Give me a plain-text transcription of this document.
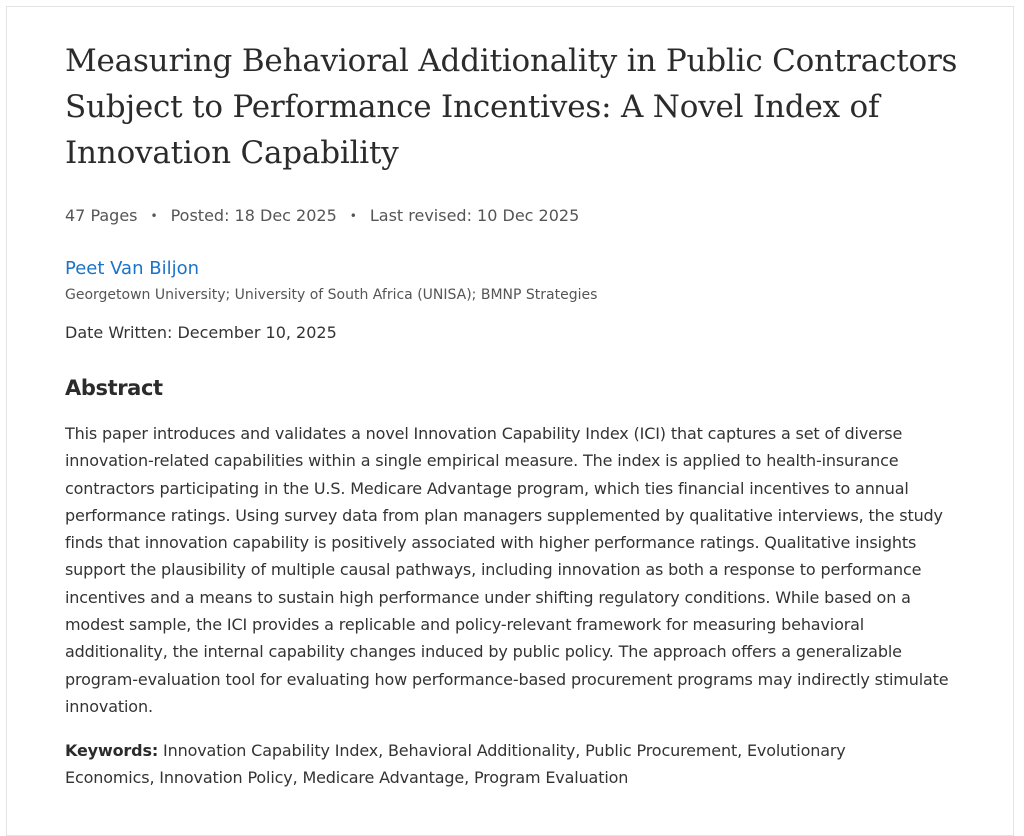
Measuring Behavioral Additionality in Public Contractors Subject to Performance Incentives: A Novel Index of Innovation Capability
47 Pages • Posted: 18 Dec 2025 • Last revised: 10 Dec 2025
Peet Van Biljon
Georgetown University; University of South Africa (UNISA); BMNP Strategies
Date Written: December 10, 2025
Abstract
This paper introduces and validates a novel Innovation Capability Index (ICI) that captures a set of diverse innovation-related capabilities within a single empirical measure. The index is applied to health-insurance contractors participating in the U.S. Medicare Advantage program, which ties financial incentives to annual performance ratings. Using survey data from plan managers supplemented by qualitative interviews, the study finds that innovation capability is positively associated with higher performance ratings. Qualitative insights support the plausibility of multiple causal pathways, including innovation as both a response to performance incentives and a means to sustain high performance under shifting regulatory conditions. While based on a modest sample, the ICI provides a replicable and policy-relevant framework for measuring behavioral additionality, the internal capability changes induced by public policy. The approach offers a generalizable program-evaluation tool for evaluating how performance-based procurement programs may indirectly stimulate innovation.
Keywords: Innovation Capability Index, Behavioral Additionality, Public Procurement, Evolutionary Economics, Innovation Policy, Medicare Advantage, Program Evaluation
